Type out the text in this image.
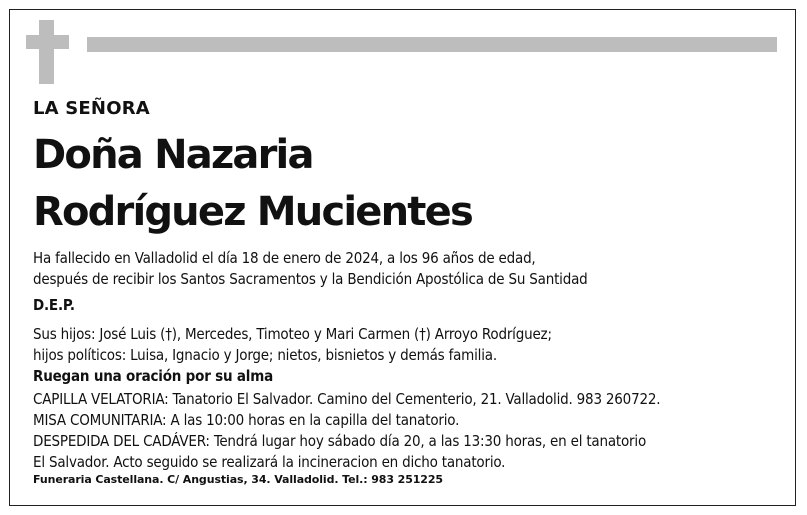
LA SEÑORA

Doña Nazaria

Rodríguez Mucientes

Ha fallecido en Valladolid el día 18 de enero de 2024, a los 96 años de edad,
después de recibir los Santos Sacramentos y la Bendición Apostólica de Su Santidad

D.E.P.

Sus hijos: José Luis (†), Mercedes, Timoteo y Mari Carmen (†) Arroyo Rodríguez;
hijos políticos: Luisa, Ignacio y Jorge; nietos, bisnietos y demás familia.

Ruegan una oración por su alma

CAPILLA VELATORIA: Tanatorio El Salvador. Camino del Cementerio, 21. Valladolid. 983 260722.
MISA COMUNITARIA: A las 10:00 horas en la capilla del tanatorio.
DESPEDIDA DEL CADÁVER: Tendrá lugar hoy sábado día 20, a las 13:30 horas, en el tanatorio
El Salvador. Acto seguido se realizará la incineracion en dicho tanatorio.

Funeraria Castellana. C/ Angustias, 34. Valladolid. Tel.: 983 251225
